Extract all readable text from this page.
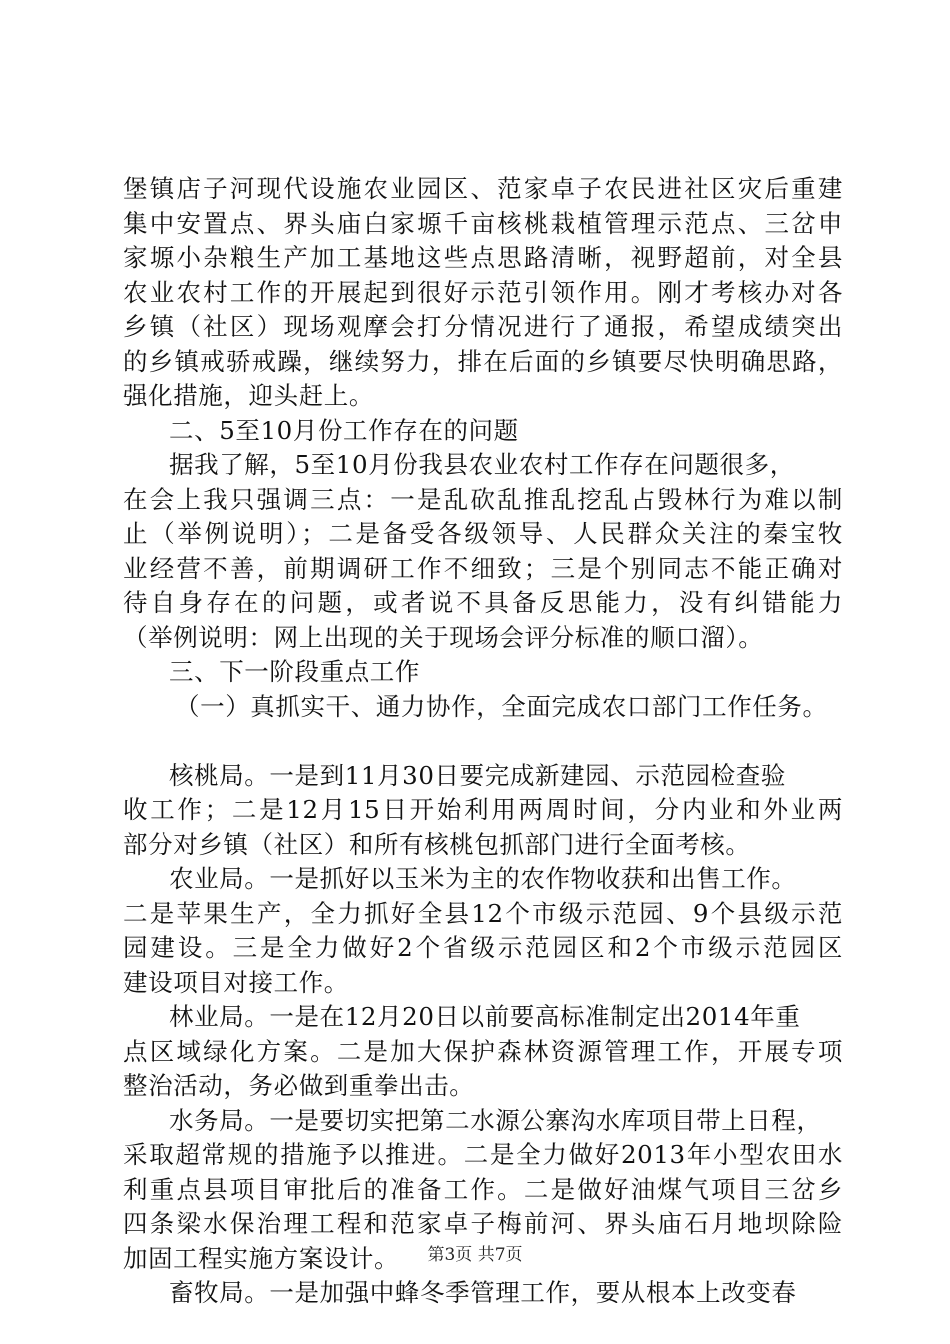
堡镇店子河现代设施农业园区、范家卓子农民进社区灾后重建
集中安置点、界头庙白家塬千亩核桃栽植管理示范点、三岔申
家塬小杂粮生产加工基地这些点思路清晰，视野超前，对全县
农业农村工作的开展起到很好示范引领作用。刚才考核办对各
乡镇（社区）现场观摩会打分情况进行了通报，希望成绩突出
的乡镇戒骄戒躁，继续努力，排在后面的乡镇要尽快明确思路，
强化措施，迎头赶上。
二、5至10月份工作存在的问题
据我了解，5至10月份我县农业农村工作存在问题很多，
在会上我只强调三点：一是乱砍乱推乱挖乱占毁林行为难以制
止（举例说明）；二是备受各级领导、人民群众关注的秦宝牧
业经营不善，前期调研工作不细致；三是个别同志不能正确对
待自身存在的问题，或者说不具备反思能力，没有纠错能力
（举例说明：网上出现的关于现场会评分标准的顺口溜）。
三、下一阶段重点工作
（一）真抓实干、通力协作，全面完成农口部门工作任务。
核桃局。一是到11月30日要完成新建园、示范园检查验
收工作；二是12月15日开始利用两周时间，分内业和外业两
部分对乡镇（社区）和所有核桃包抓部门进行全面考核。
农业局。一是抓好以玉米为主的农作物收获和出售工作。
二是苹果生产，全力抓好全县12个市级示范园、9个县级示范
园建设。三是全力做好2个省级示范园区和2个市级示范园区
建设项目对接工作。
林业局。一是在12月20日以前要高标准制定出2014年重
点区域绿化方案。二是加大保护森林资源管理工作，开展专项
整治活动，务必做到重拳出击。
水务局。一是要切实把第二水源公寨沟水库项目带上日程，
采取超常规的措施予以推进。二是全力做好2013年小型农田水
利重点县项目审批后的准备工作。二是做好油煤气项目三岔乡
四条梁水保治理工程和范家卓子梅前河、界头庙石月地坝除险
加固工程实施方案设计。
畜牧局。一是加强中蜂冬季管理工作，要从根本上改变春
第3页 共7页
